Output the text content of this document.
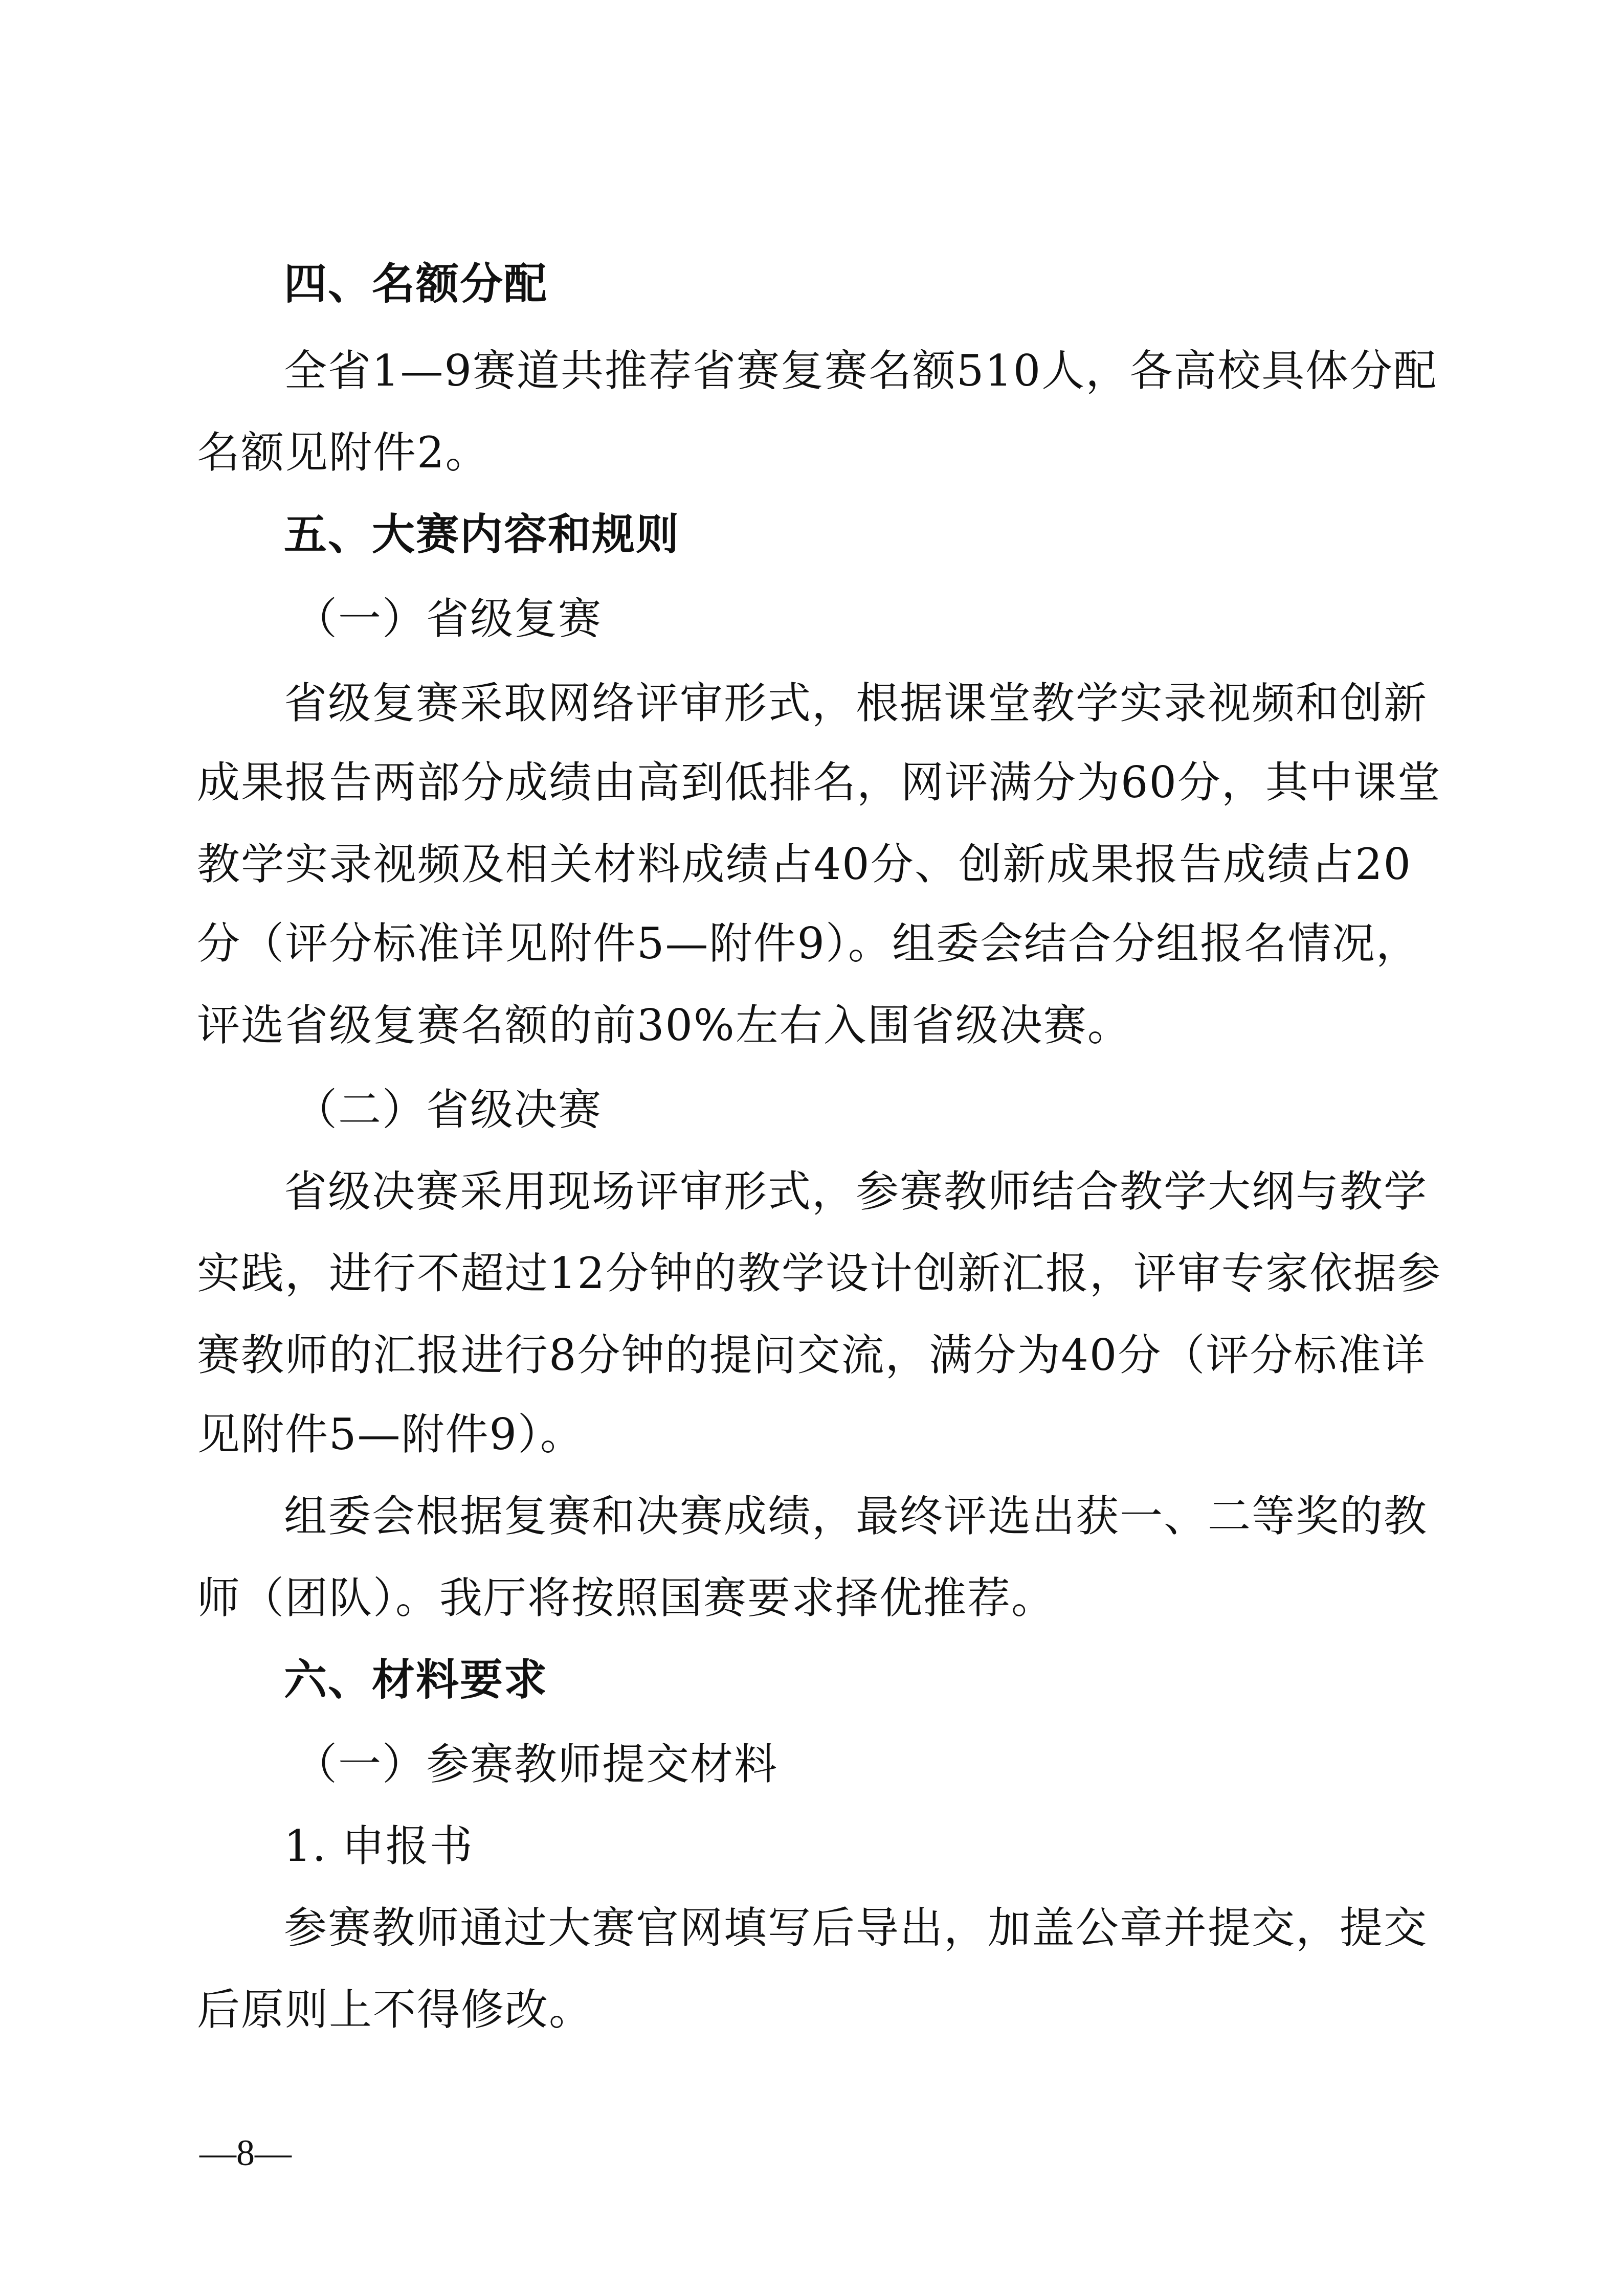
四、名额分配
全省1—9赛道共推荐省赛复赛名额510人，各高校具体分配
名额见附件2。
五、大赛内容和规则
（一）省级复赛
省级复赛采取网络评审形式，根据课堂教学实录视频和创新
成果报告两部分成绩由高到低排名，网评满分为60分，其中课堂
教学实录视频及相关材料成绩占40分、创新成果报告成绩占20
分（评分标准详见附件5—附件9）。组委会结合分组报名情况，
评选省级复赛名额的前30%左右入围省级决赛。
（二）省级决赛
省级决赛采用现场评审形式，参赛教师结合教学大纲与教学
实践，进行不超过12分钟的教学设计创新汇报，评审专家依据参
赛教师的汇报进行8分钟的提问交流，满分为40分（评分标准详
见附件5—附件9）。
组委会根据复赛和决赛成绩，最终评选出获一、二等奖的教
师（团队）。我厅将按照国赛要求择优推荐。
六、材料要求
（一）参赛教师提交材料
1. 申报书
参赛教师通过大赛官网填写后导出，加盖公章并提交，提交
后原则上不得修改。
—8—
